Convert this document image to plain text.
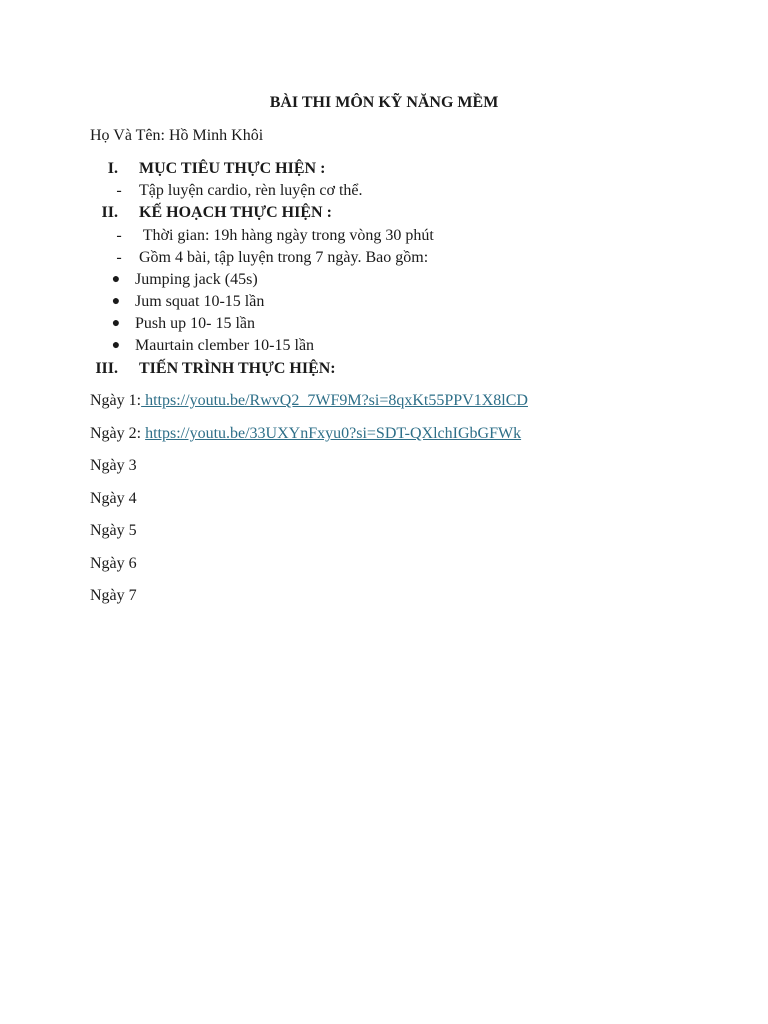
BÀI THI MÔN KỸ NĂNG MỀM
Họ Và Tên: Hồ Minh Khôi
I. MỤC TIÊU THỰC HIỆN :
- Tập luyện cardio, rèn luyện cơ thể.
II. KẾ HOẠCH THỰC HIỆN :
- Thời gian: 19h hàng ngày trong vòng 30 phút
- Gồm 4 bài, tập luyện trong 7 ngày. Bao gồm:
● Jumping jack (45s)
● Jum squat 10-15 lần
● Push up 10- 15 lần
● Maurtain clember 10-15 lần
III. TIẾN TRÌNH THỰC HIỆN:
Ngày 1: https://youtu.be/RwvQ2_7WF9M?si=8qxKt55PPV1X8lCD
Ngày 2: https://youtu.be/33UXYnFxyu0?si=SDT-QXlchIGbGFWk
Ngày 3
Ngày 4
Ngày 5
Ngày 6
Ngày 7
